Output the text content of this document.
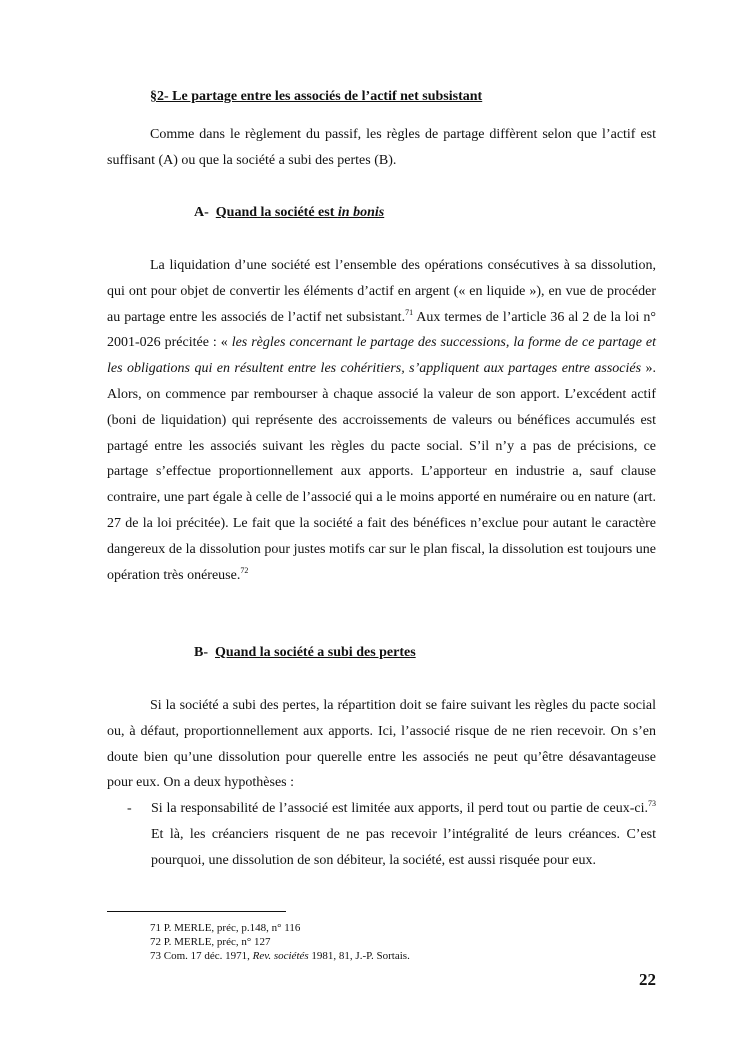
§2- Le partage entre les associés de l’actif net subsistant

Comme dans le règlement du passif, les règles de partage diffèrent selon que l’actif est suffisant (A) ou que la société a subi des pertes (B).

A- Quand la société est in bonis

La liquidation d’une société est l’ensemble des opérations consécutives à sa dissolution, qui ont pour objet de convertir les éléments d’actif en argent (« en liquide »), en vue de procéder au partage entre les associés de l’actif net subsistant.$^{71}$ Aux termes de l’article 36 al 2 de la loi n° 2001-026 précitée : « les règles concernant le partage des successions, la forme de ce partage et les obligations qui en résultent entre les cohéritiers, s’appliquent aux partages entre associés ». Alors, on commence par rembourser à chaque associé la valeur de son apport. L’excédent actif (boni de liquidation) qui représente des accroissements de valeurs ou bénéfices accumulés est partagé entre les associés suivant les règles du pacte social. S’il n’y a pas de précisions, ce partage s’effectue proportionnellement aux apports. L’apporteur en industrie a, sauf clause contraire, une part égale à celle de l’associé qui a le moins apporté en numéraire ou en nature (art. 27 de la loi précitée). Le fait que la société a fait des bénéfices n’exclue pour autant le caractère dangereux de la dissolution pour justes motifs car sur le plan fiscal, la dissolution est toujours une opération très onéreuse.$^{72}$

B- Quand la société a subi des pertes

Si la société a subi des pertes, la répartition doit se faire suivant les règles du pacte social ou, à défaut, proportionnellement aux apports. Ici, l’associé risque de ne rien recevoir. On s’en doute bien qu’une dissolution pour querelle entre les associés ne peut qu’être désavantageuse pour eux. On a deux hypothèses :

-	Si la responsabilité de l’associé est limitée aux apports, il perd tout ou partie de ceux-ci.$^{73}$ Et là, les créanciers risquent de ne pas recevoir l’intégralité de leurs créances. C’est pourquoi, une dissolution de son débiteur, la société, est aussi risquée pour eux.
71 P. MERLE, préc, p.148, n° 116
72 P. MERLE, préc, n° 127
73 Com. 17 déc. 1971, Rev. sociétés 1981, 81, J.-P. Sortais.
22
